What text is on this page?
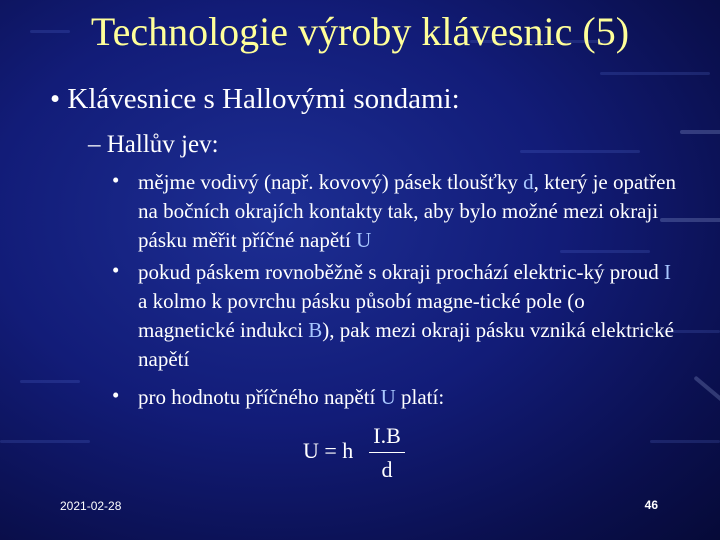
Technologie výroby klávesnic (5)
• Klávesnice s Hallovými sondami:
– Hallův jev:
• mějme vodivý (např. kovový) pásek tloušťky d, který je opatřen na bočních okrajích kontakty tak, aby bylo možné mezi okraji pásku měřit příčné napětí U
• pokud páskem rovnoběžně s okraji prochází elektric-ký proud I a kolmo k povrchu pásku působí magne-tické pole (o magnetické indukci B), pak mezi okraji pásku vzniká elektrické napětí
• pro hodnotu příčného napětí U platí:
U = h
I.B
d
2021-02-28	46
